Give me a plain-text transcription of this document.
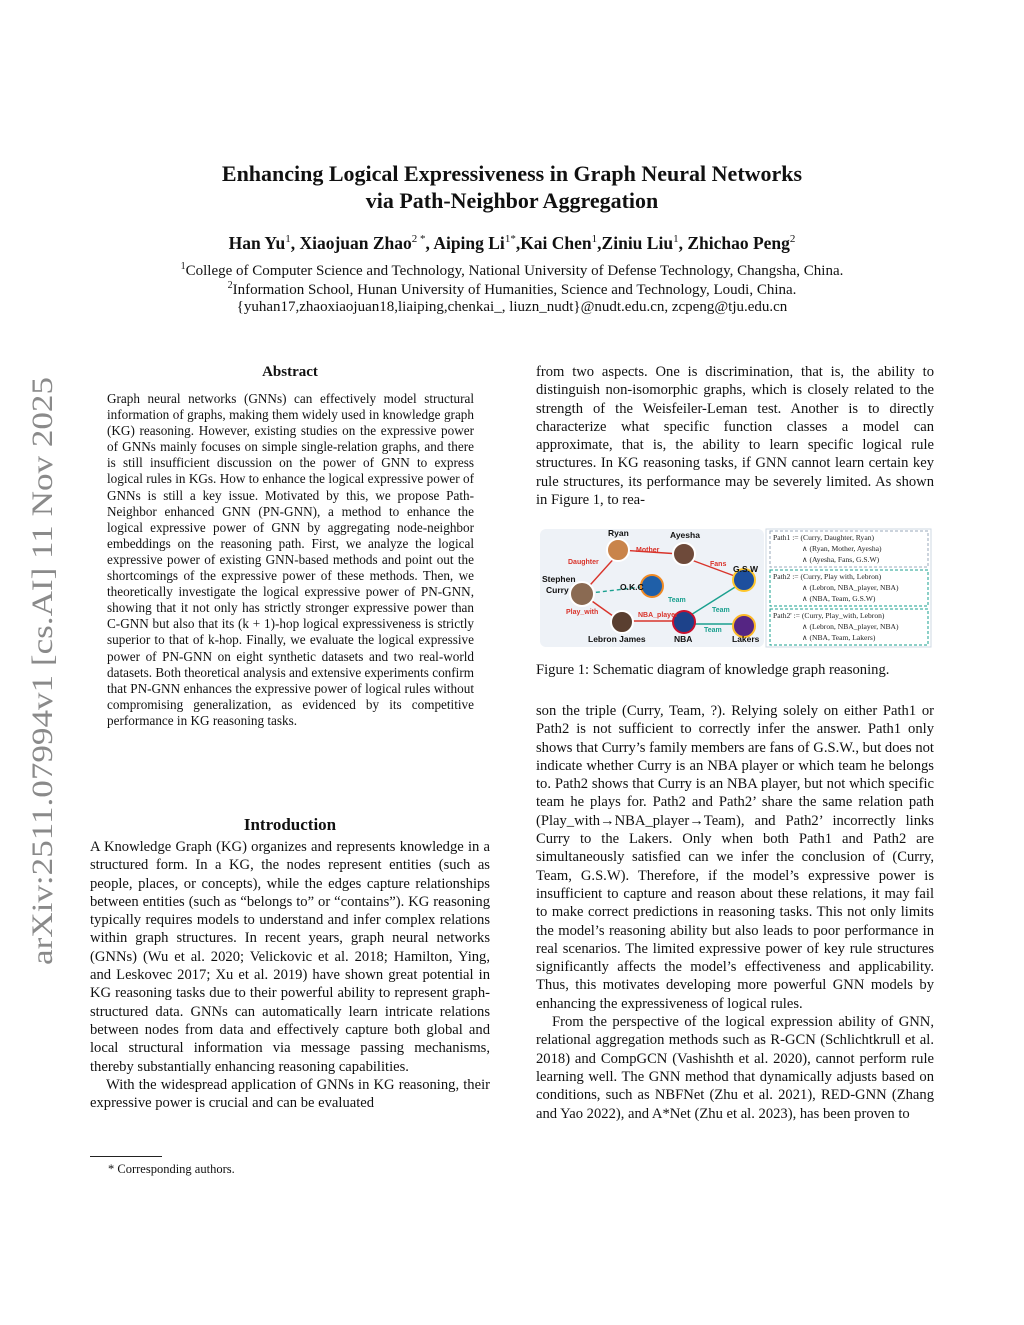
arXiv:2511.07994v1 [cs.AI] 11 Nov 2025
Enhancing Logical Expressiveness in Graph Neural Networks
via Path-Neighbor Aggregation
Han Yu$^1$, Xiaojuan Zhao$^{2 *}$, Aiping $Li^{1*},Kai$ Chen$^1$,Ziniu Liu$^1$, Zhichao Peng$^2$
$^1$College of Computer Science and Technology, National University of Defense Technology, Changsha, China.
$^2$Information School, Hunan University of Humanities, Science and Technology, Loudi, China.
{yuhan17,zhaoxiaojuan18,liaiping,chenkai_, liuzn_nudt}@nudt.edu.cn, zcpeng@tju.edu.cn
Abstract
Graph neural networks (GNNs) can effectively model structural information of graphs, making them widely used in knowledge graph (KG) reasoning. However, existing studies on the expressive power of GNNs mainly focuses on simple single-relation graphs, and there is still insufficient discussion on the power of GNN to express logical rules in KGs. How to enhance the logical expressive power of GNNs is still a key issue. Motivated by this, we propose Path-Neighbor enhanced GNN (PN-GNN), a method to enhance the logical expressive power of GNN by aggregating node-neighbor embeddings on the reasoning path. First, we analyze the logical expressive power of existing GNN-based methods and point out the shortcomings of the expressive power of these methods. Then, we theoretically investigate the logical expressive power of PN-GNN, showing that it not only has strictly stronger expressive power than C-GNN but also that its (k + 1)-hop logical expressiveness is strictly superior to that of k-hop. Finally, we evaluate the logical expressive power of PN-GNN on eight synthetic datasets and two real-world datasets. Both theoretical analysis and extensive experiments confirm that PN-GNN enhances the expressive power of logical rules without compromising generalization, as evidenced by its competitive performance in KG reasoning tasks.
Introduction

A Knowledge Graph (KG) organizes and represents knowledge in a structured form. In a KG, the nodes represent entities (such as people, places, or concepts), while the edges capture relationships between entities (such as “belongs to” or “contains”). KG reasoning typically requires models to understand and infer complex relations within graph structures. In recent years, graph neural networks (GNNs) (Wu et al. 2020; Velickovic et al. 2018; Hamilton, Ying, and Leskovec 2017; Xu et al. 2019) have shown great potential in KG reasoning tasks due to their powerful ability to represent graph-structured data. GNNs can automatically learn intricate relations between nodes from data and effectively capture both global and local structural information via message passing mechanisms, thereby substantially enhancing reasoning capabilities.

With the widespread application of GNNs in KG reasoning, their expressive power is crucial and can be evaluated

* Corresponding authors.
from two aspects. One is discrimination, that is, the ability to distinguish non-isomorphic graphs, which is closely related to the strength of the Weisfeiler-Leman test. Another is to directly characterize what specific function classes a model can approximate, that is, the ability to learn specific logical rule structures. In KG reasoning tasks, if GNN cannot learn certain key rule structures, its performance may be severely limited. As shown in Figure 1, to rea-
Ryan	Ayesha
Stephen
Curry	O.K.C
G.S.W
Lebron James	NBA	Lakers
Daughter
Mother
Fans
Team
Play_with	NBA_player
Team
Team
Path1 := (Curry, Daughter, Ryan)
∧ (Ryan, Mother, Ayesha)
∧ (Ayesha, Fans, G.S.W)
Path2 := (Curry, Play with, Lebron)
∧ (Lebron, NBA_player, NBA)
∧ (NBA, Team, G.S.W)
Path2' := (Curry, Play_with, Lebron)
∧ (Lebron, NBA_player, NBA)
∧ (NBA, Team, Lakers)
Figure 1: Schematic diagram of knowledge graph reasoning.

son the triple (Curry, Team, ?). Relying solely on either Path1 or Path2 is not sufficient to correctly infer the answer. Path1 only shows that Curry’s family members are fans of G.S.W., but does not indicate whether Curry is an NBA player or which team he belongs to. Path2 shows that Curry is an NBA player, but not which specific team he plays for. Path2 and Path2’ share the same relation path (Play_with→NBA_player→Team), and Path2’ incorrectly links Curry to the Lakers. Only when both Path1 and Path2 are simultaneously satisfied can we infer the conclusion of (Curry, Team, G.S.W). Therefore, if the model’s expressive power is insufficient to capture and reason about these relations, it may fail to make correct predictions in reasoning tasks. This not only limits the model’s reasoning ability but also leads to poor performance in real scenarios. The limited expressive power of key rule structures significantly affects the model’s effectiveness and applicability. Thus, this motivates developing more powerful GNN models by enhancing the expressiveness of logical rules.

From the perspective of the logical expression ability of GNN, relational aggregation methods such as R-GCN (Schlichtkrull et al. 2018) and CompGCN (Vashishth et al. 2020), cannot perform rule learning well. The GNN method that dynamically adjusts based on conditions, such as NBFNet (Zhu et al. 2021), RED-GNN (Zhang and Yao 2022), and A*Net (Zhu et al. 2023), has been proven to
